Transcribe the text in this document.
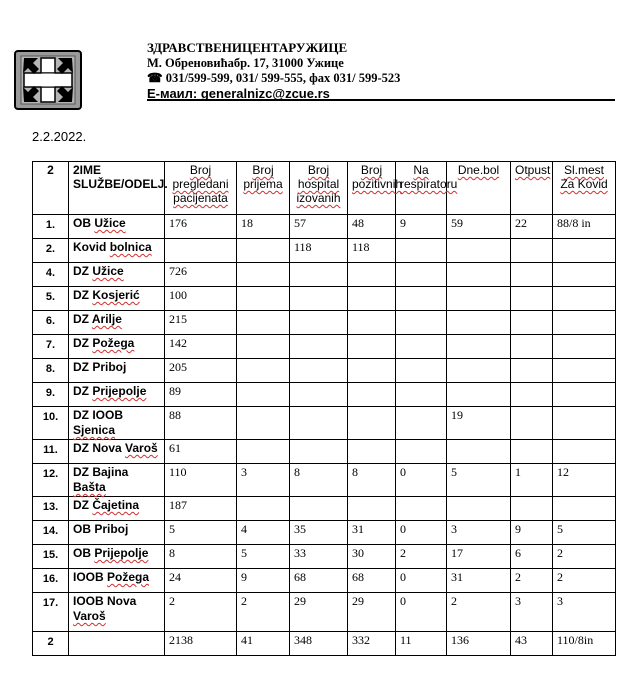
ЗДРАВСТВЕНИЦЕНТАРУЖИЦЕ
М. Обреновићабр. 17, 31000 Ужице
☎ 031/599-599, 031/ 599-555, фах 031/ 599-523
Е-маил: generalnizc@zcue.rs
2.2.2022.
2	2IME SLUŽBE/ODELJ.	Broj pregledani pacijenata	Broj prijema	Broj hospital izovanih	Broj pozitivnih	Na respiratoru	Dne.bol	Otpust	Sl.mest Za Kovid
1.	OB Užice	176	18	57	48	9	59	22	88/8 in
2.	Kovid bolnica			118	118				
4.	DZ Užice	726							
5.	DZ Kosjerić	100							
6.	DZ Arilje	215							
7.	DZ Požega	142							
8.	DZ Priboj	205							
9.	DZ Prijepolje	89							
10.	DZ IOOB Sjenica	88					19		
11.	DZ Nova Varoš	61							
12.	DZ Bajina Bašta	110	3	8	8	0	5	1	12
13.	DZ Čajetina	187							
14.	OB Priboj	5	4	35	31	0	3	9	5
15.	OB Prijepolje	8	5	33	30	2	17	6	2
16.	IOOB Požega	24	9	68	68	0	31	2	2
17.	IOOB Nova Varoš	2	2	29	29	0	2	3	3
2		2138	41	348	332	11	136	43	110/8in
